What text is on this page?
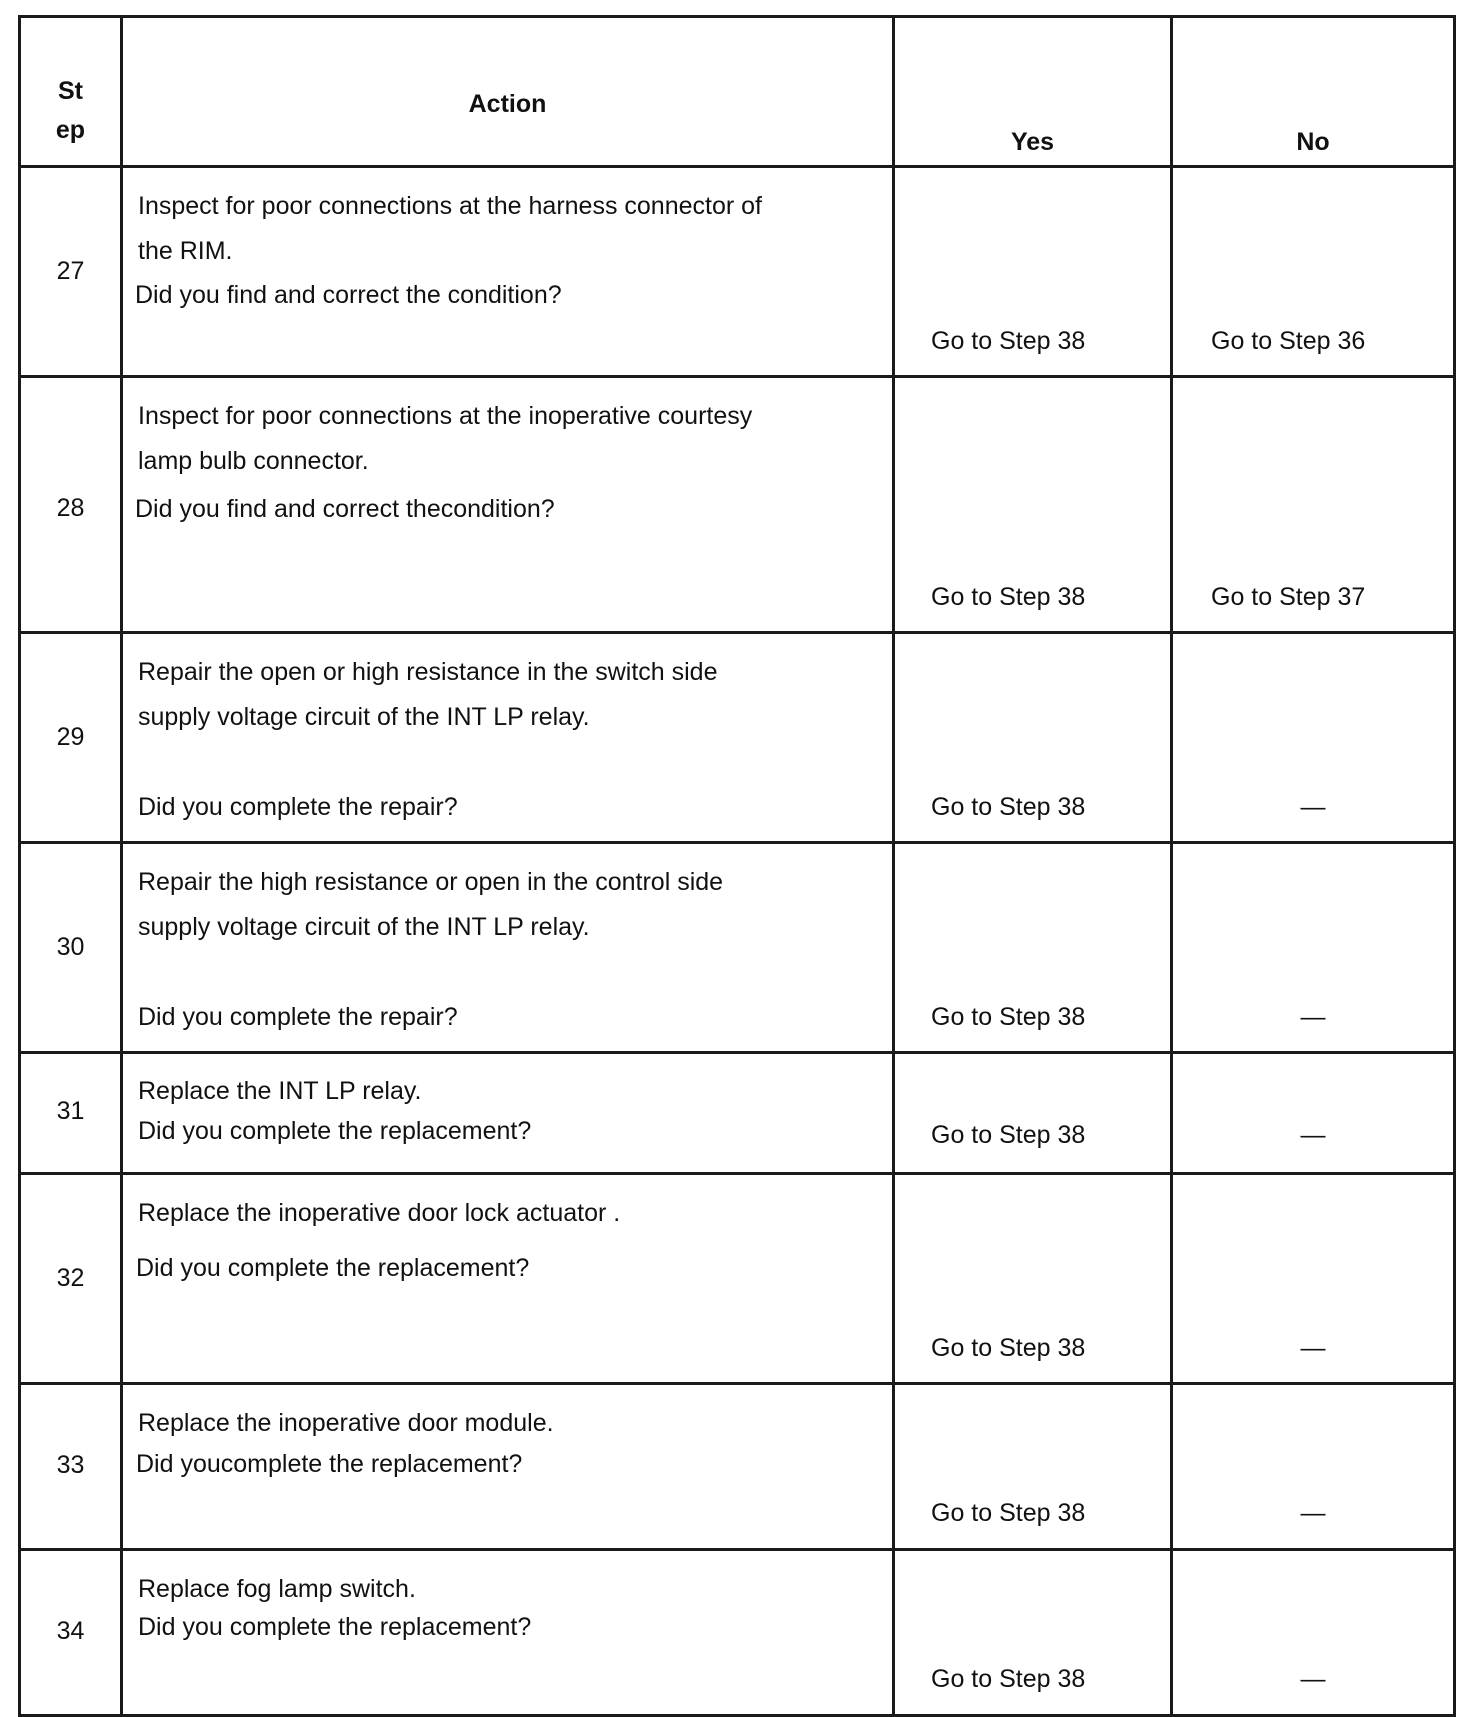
St
ep	Action	Yes	No

27	Inspect for poor connections at the harness connector of
the RIM.
Did you find and correct the condition?	Go to Step 38	Go to Step 36

28	Inspect for poor connections at the inoperative courtesy
lamp bulb connector.
Did you find and correct thecondition?	Go to Step 38	Go to Step 37

29	Repair the open or high resistance in the switch side
supply voltage circuit of the INT LP relay.
Did you complete the repair?	Go to Step 38	—

30	Repair the high resistance or open in the control side
supply voltage circuit of the INT LP relay.
Did you complete the repair?	Go to Step 38	—

31	Replace the INT LP relay.
Did you complete the replacement?	Go to Step 38	—

32	Replace the inoperative door lock actuator .
Did you complete the replacement?	Go to Step 38	—

33	Replace the inoperative door module.
Did youcomplete the replacement?	Go to Step 38	—

34	Replace fog lamp switch.
Did you complete the replacement?	Go to Step 38	—
